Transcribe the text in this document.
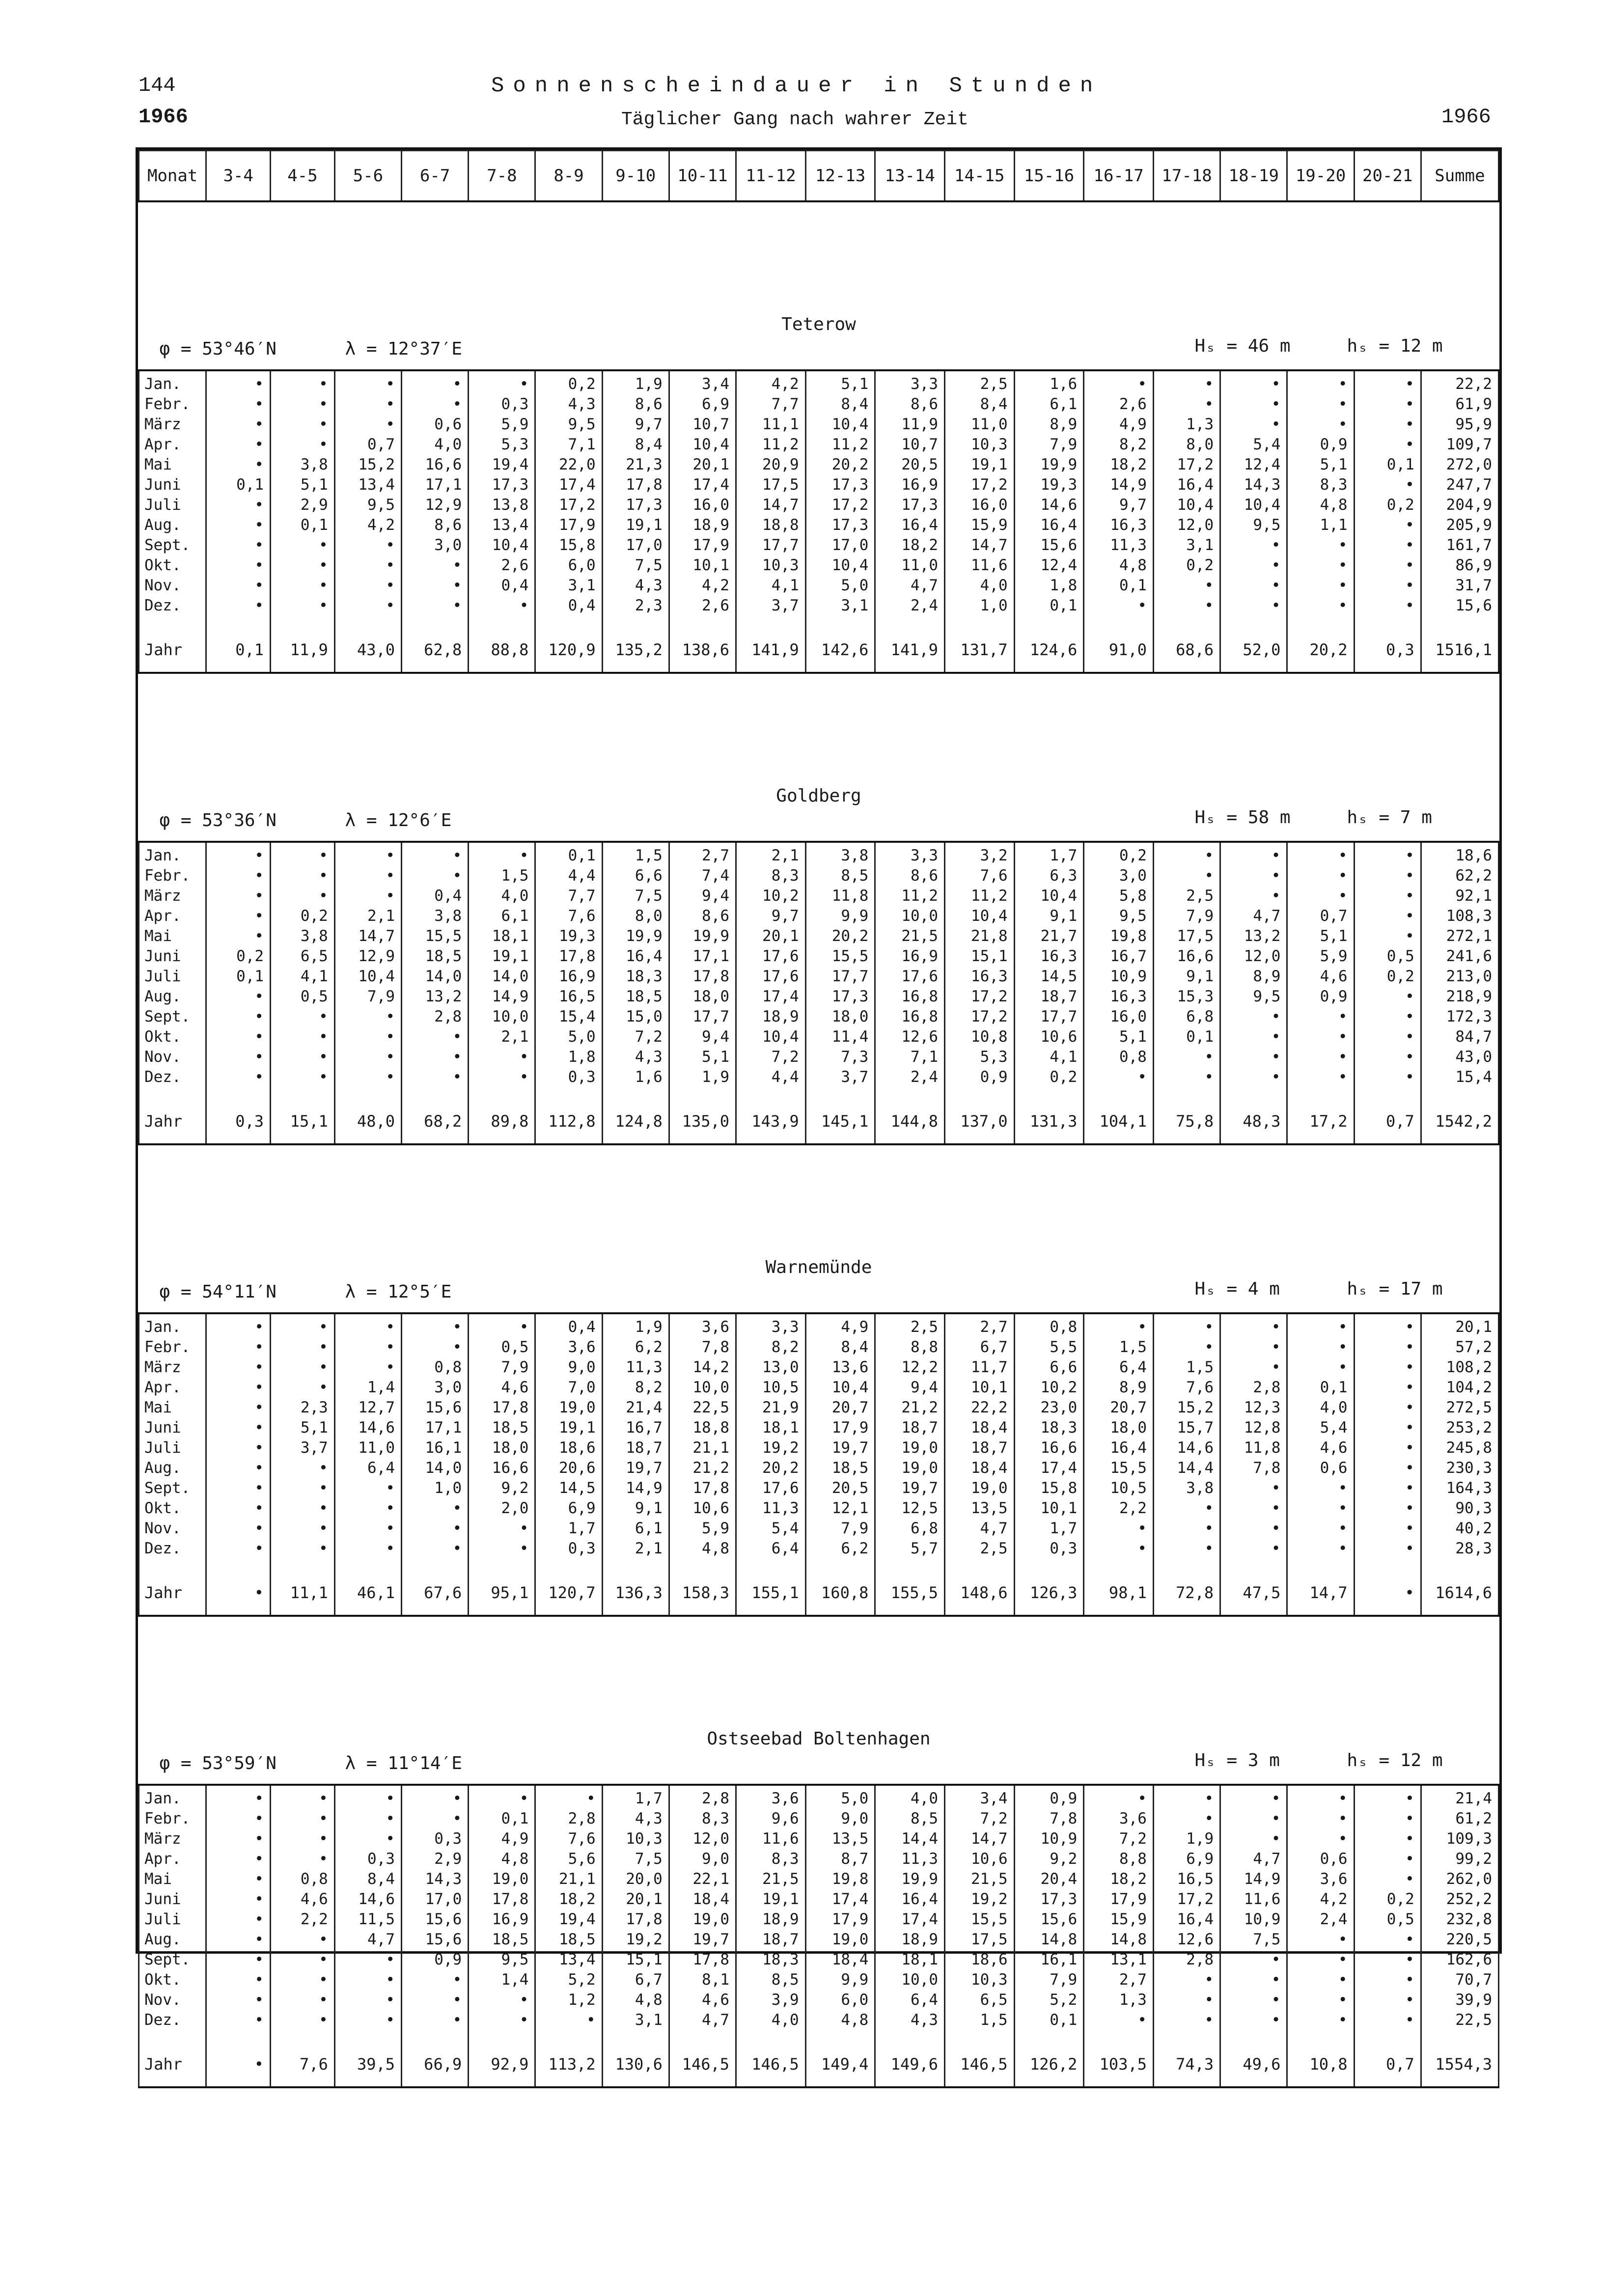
144	Sonnenscheindauer in Stunden
Täglicher Gang nach wahrer Zeit
1966	1966
Monat	3-4	4-5	5-6	6-7	7-8	8-9	9-10	10-11	11-12	12-13	13-14	14-15	15-16	16-17	17-18	18-19	19-20	20-21	Summe

Teterow
φ = 53°46′N λ = 12°37′E Hₛ = 46 m hₛ = 12 m																			

Jan.	•	•	•	•	•	0,2	1,9	3,4	4,2	5,1	3,3	2,5	1,6	•	•	•	•	•	22,2
Febr.	•	•	•	•	0,3	4,3	8,6	6,9	7,7	8,4	8,6	8,4	6,1	2,6	•	•	•	•	61,9
März	•	•	•	0,6	5,9	9,5	9,7	10,7	11,1	10,4	11,9	11,0	8,9	4,9	1,3	•	•	•	95,9
Apr.	•	•	0,7	4,0	5,3	7,1	8,4	10,4	11,2	11,2	10,7	10,3	7,9	8,2	8,0	5,4	0,9	•	109,7
Mai	•	3,8	15,2	16,6	19,4	22,0	21,3	20,1	20,9	20,2	20,5	19,1	19,9	18,2	17,2	12,4	5,1	0,1	272,0
Juni	0,1	5,1	13,4	17,1	17,3	17,4	17,8	17,4	17,5	17,3	16,9	17,2	19,3	14,9	16,4	14,3	8,3	•	247,7
Juli	•	2,9	9,5	12,9	13,8	17,2	17,3	16,0	14,7	17,2	17,3	16,0	14,6	9,7	10,4	10,4	4,8	0,2	204,9
Aug.	•	0,1	4,2	8,6	13,4	17,9	19,1	18,9	18,8	17,3	16,4	15,9	16,4	16,3	12,0	9,5	1,1	•	205,9
Sept.	•	•	•	3,0	10,4	15,8	17,0	17,9	17,7	17,0	18,2	14,7	15,6	11,3	3,1	•	•	•	161,7
Okt.	•	•	•	•	2,6	6,0	7,5	10,1	10,3	10,4	11,0	11,6	12,4	4,8	0,2	•	•	•	86,9
Nov.	•	•	•	•	0,4	3,1	4,3	4,2	4,1	5,0	4,7	4,0	1,8	0,1	•	•	•	•	31,7
Dez.	•	•	•	•	•	0,4	2,3	2,6	3,7	3,1	2,4	1,0	0,1	•	•	•	•	•	15,6

Jahr	0,1	11,9	43,0	62,8	88,8	120,9	135,2	138,6	141,9	142,6	141,9	131,7	124,6	91,0	68,6	52,0	20,2	0,3	1516,1

Goldberg
φ = 53°36′N λ = 12°6′E Hₛ = 58 m hₛ = 7 m																			

Jan.	•	•	•	•	•	0,1	1,5	2,7	2,1	3,8	3,3	3,2	1,7	0,2	•	•	•	•	18,6
Febr.	•	•	•	•	1,5	4,4	6,6	7,4	8,3	8,5	8,6	7,6	6,3	3,0	•	•	•	•	62,2
März	•	•	•	0,4	4,0	7,7	7,5	9,4	10,2	11,8	11,2	11,2	10,4	5,8	2,5	•	•	•	92,1
Apr.	•	0,2	2,1	3,8	6,1	7,6	8,0	8,6	9,7	9,9	10,0	10,4	9,1	9,5	7,9	4,7	0,7	•	108,3
Mai	•	3,8	14,7	15,5	18,1	19,3	19,9	19,9	20,1	20,2	21,5	21,8	21,7	19,8	17,5	13,2	5,1	•	272,1
Juni	0,2	6,5	12,9	18,5	19,1	17,8	16,4	17,1	17,6	15,5	16,9	15,1	16,3	16,7	16,6	12,0	5,9	0,5	241,6
Juli	0,1	4,1	10,4	14,0	14,0	16,9	18,3	17,8	17,6	17,7	17,6	16,3	14,5	10,9	9,1	8,9	4,6	0,2	213,0
Aug.	•	0,5	7,9	13,2	14,9	16,5	18,5	18,0	17,4	17,3	16,8	17,2	18,7	16,3	15,3	9,5	0,9	•	218,9
Sept.	•	•	•	2,8	10,0	15,4	15,0	17,7	18,9	18,0	16,8	17,2	17,7	16,0	6,8	•	•	•	172,3
Okt.	•	•	•	•	2,1	5,0	7,2	9,4	10,4	11,4	12,6	10,8	10,6	5,1	0,1	•	•	•	84,7
Nov.	•	•	•	•	•	1,8	4,3	5,1	7,2	7,3	7,1	5,3	4,1	0,8	•	•	•	•	43,0
Dez.	•	•	•	•	•	0,3	1,6	1,9	4,4	3,7	2,4	0,9	0,2	•	•	•	•	•	15,4

Jahr	0,3	15,1	48,0	68,2	89,8	112,8	124,8	135,0	143,9	145,1	144,8	137,0	131,3	104,1	75,8	48,3	17,2	0,7	1542,2

Warnemünde
φ = 54°11′N λ = 12°5′E Hₛ = 4 m hₛ = 17 m																			

Jan.	•	•	•	•	•	0,4	1,9	3,6	3,3	4,9	2,5	2,7	0,8	•	•	•	•	•	20,1
Febr.	•	•	•	•	0,5	3,6	6,2	7,8	8,2	8,4	8,8	6,7	5,5	1,5	•	•	•	•	57,2
März	•	•	•	0,8	7,9	9,0	11,3	14,2	13,0	13,6	12,2	11,7	6,6	6,4	1,5	•	•	•	108,2
Apr.	•	•	1,4	3,0	4,6	7,0	8,2	10,0	10,5	10,4	9,4	10,1	10,2	8,9	7,6	2,8	0,1	•	104,2
Mai	•	2,3	12,7	15,6	17,8	19,0	21,4	22,5	21,9	20,7	21,2	22,2	23,0	20,7	15,2	12,3	4,0	•	272,5
Juni	•	5,1	14,6	17,1	18,5	19,1	16,7	18,8	18,1	17,9	18,7	18,4	18,3	18,0	15,7	12,8	5,4	•	253,2
Juli	•	3,7	11,0	16,1	18,0	18,6	18,7	21,1	19,2	19,7	19,0	18,7	16,6	16,4	14,6	11,8	4,6	•	245,8
Aug.	•	•	6,4	14,0	16,6	20,6	19,7	21,2	20,2	18,5	19,0	18,4	17,4	15,5	14,4	7,8	0,6	•	230,3
Sept.	•	•	•	1,0	9,2	14,5	14,9	17,8	17,6	20,5	19,7	19,0	15,8	10,5	3,8	•	•	•	164,3
Okt.	•	•	•	•	2,0	6,9	9,1	10,6	11,3	12,1	12,5	13,5	10,1	2,2	•	•	•	•	90,3
Nov.	•	•	•	•	•	1,7	6,1	5,9	5,4	7,9	6,8	4,7	1,7	•	•	•	•	•	40,2
Dez.	•	•	•	•	•	0,3	2,1	4,8	6,4	6,2	5,7	2,5	0,3	•	•	•	•	•	28,3

Jahr	•	11,1	46,1	67,6	95,1	120,7	136,3	158,3	155,1	160,8	155,5	148,6	126,3	98,1	72,8	47,5	14,7	•	1614,6

Ostseebad Boltenhagen
φ = 53°59′N λ = 11°14′E Hₛ = 3 m hₛ = 12 m																			

Jan.	•	•	•	•	•	•	1,7	2,8	3,6	5,0	4,0	3,4	0,9	•	•	•	•	•	21,4
Febr.	•	•	•	•	0,1	2,8	4,3	8,3	9,6	9,0	8,5	7,2	7,8	3,6	•	•	•	•	61,2
März	•	•	•	0,3	4,9	7,6	10,3	12,0	11,6	13,5	14,4	14,7	10,9	7,2	1,9	•	•	•	109,3
Apr.	•	•	0,3	2,9	4,8	5,6	7,5	9,0	8,3	8,7	11,3	10,6	9,2	8,8	6,9	4,7	0,6	•	99,2
Mai	•	0,8	8,4	14,3	19,0	21,1	20,0	22,1	21,5	19,8	19,9	21,5	20,4	18,2	16,5	14,9	3,6	•	262,0
Juni	•	4,6	14,6	17,0	17,8	18,2	20,1	18,4	19,1	17,4	16,4	19,2	17,3	17,9	17,2	11,6	4,2	0,2	252,2
Juli	•	2,2	11,5	15,6	16,9	19,4	17,8	19,0	18,9	17,9	17,4	15,5	15,6	15,9	16,4	10,9	2,4	0,5	232,8
Aug.	•	•	4,7	15,6	18,5	18,5	19,2	19,7	18,7	19,0	18,9	17,5	14,8	14,8	12,6	7,5	•	•	220,5
Sept.	•	•	•	0,9	9,5	13,4	15,1	17,8	18,3	18,4	18,1	18,6	16,1	13,1	2,8	•	•	•	162,6
Okt.	•	•	•	•	1,4	5,2	6,7	8,1	8,5	9,9	10,0	10,3	7,9	2,7	•	•	•	•	70,7
Nov.	•	•	•	•	•	1,2	4,8	4,6	3,9	6,0	6,4	6,5	5,2	1,3	•	•	•	•	39,9
Dez.	•	•	•	•	•	•	3,1	4,7	4,0	4,8	4,3	1,5	0,1	•	•	•	•	•	22,5

Jahr	•	7,6	39,5	66,9	92,9	113,2	130,6	146,5	146,5	149,4	149,6	146,5	126,2	103,5	74,3	49,6	10,8	0,7	1554,3
